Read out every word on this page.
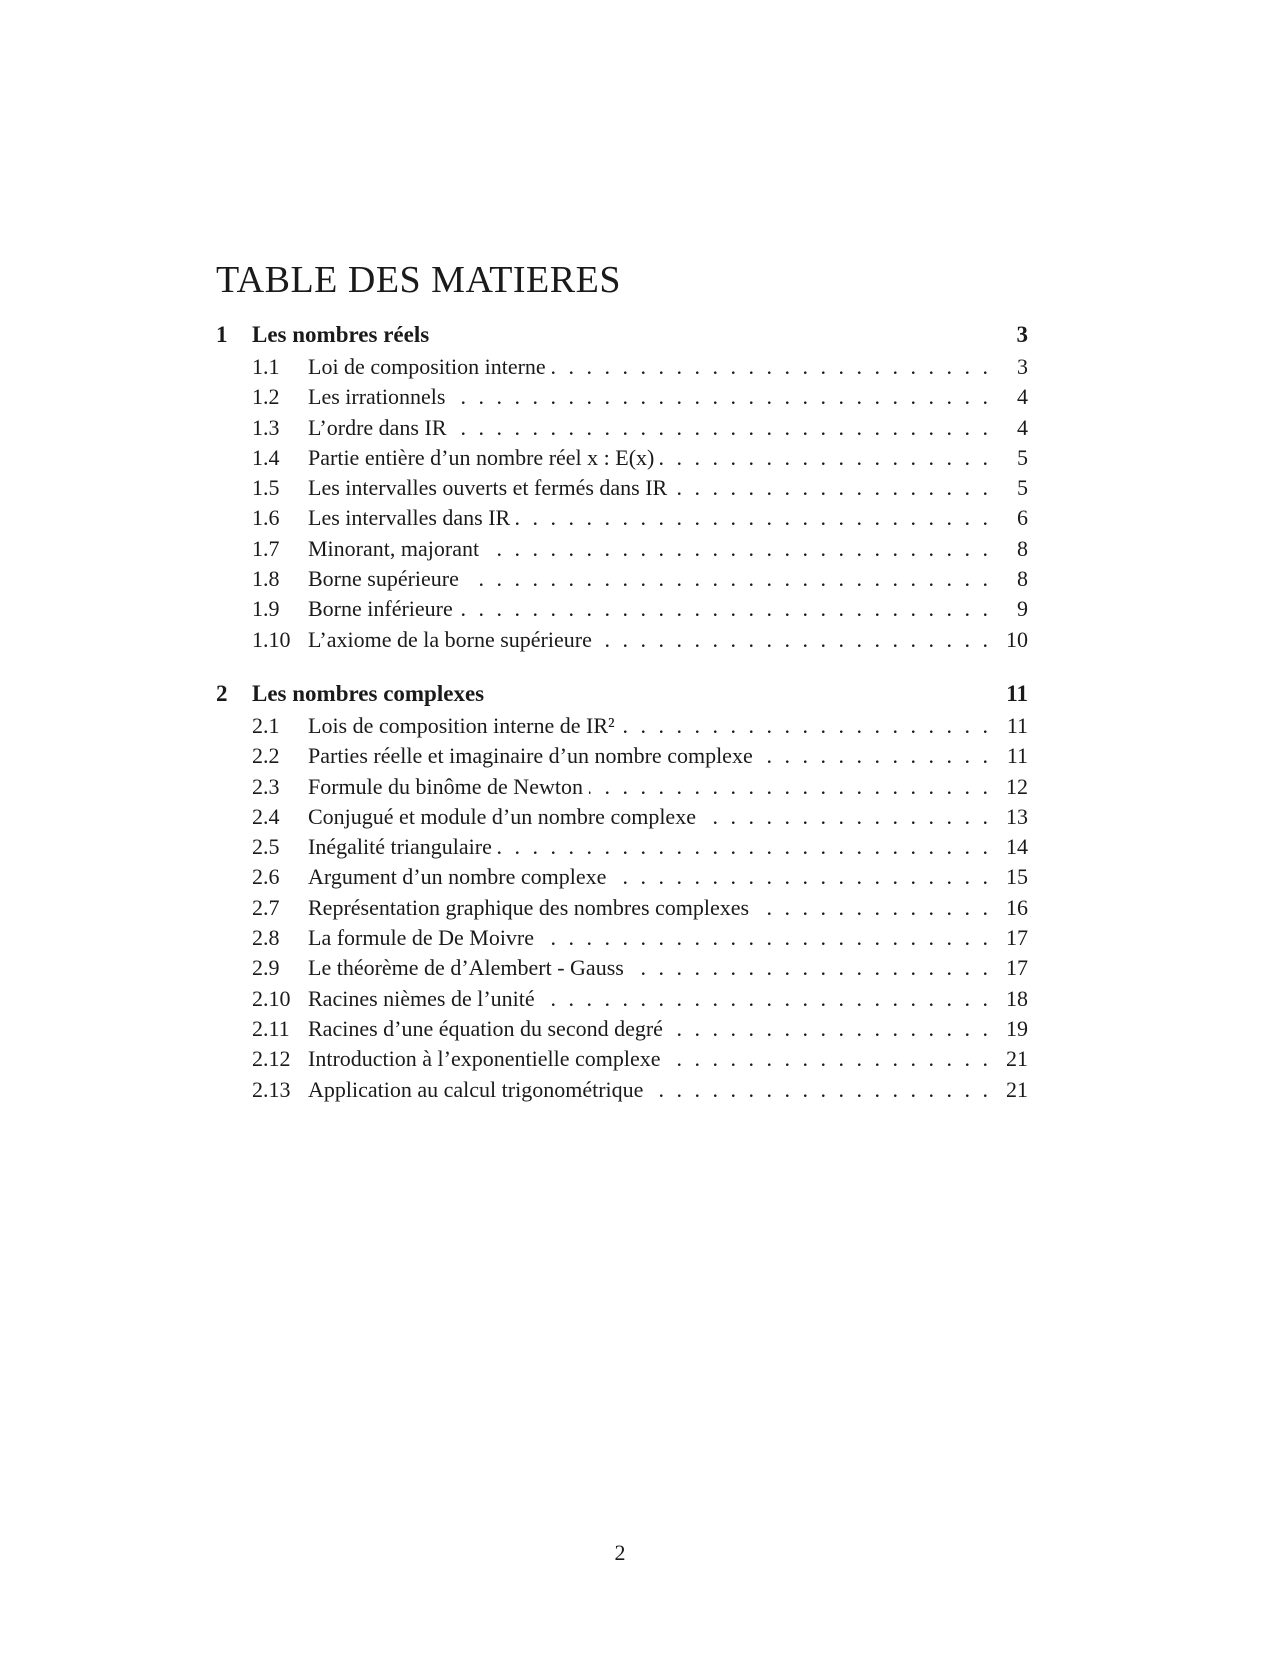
TABLE DES MATIERES
1	Les nombres réels	3
1.1	Loi de composition interne . . .	3
1.2	Les irrationnels . . .	4
1.3	L’ordre dans IR . . .	4
1.4	Partie entière d’un nombre réel x : E(x) . . .	5
1.5	Les intervalles ouverts et fermés dans IR . . .	5
1.6	Les intervalles dans IR . . .	6
1.7	Minorant, majorant . . .	8
1.8	Borne supérieure . . .	8
1.9	Borne inférieure . . .	9
1.10 L’axiome de la borne supérieure . . .	10
2	Les nombres complexes	11
2.1	Lois de composition interne de IR² . . .	11
2.2	Parties réelle et imaginaire d’un nombre complexe . . .	11
2.3	Formule du binôme de Newton . . .	12
2.4	Conjugué et module d’un nombre complexe . . .	13
2.5	Inégalité triangulaire . . .	14
2.6	Argument d’un nombre complexe . . .	15
2.7	Représentation graphique des nombres complexes . . .	16
2.8	La formule de De Moivre . . .	17
2.9	Le théorème de d’Alembert - Gauss . . .	17
2.10 Racines nièmes de l’unité . . .	18
2.11 Racines d’une équation du second degré . . .	19
2.12 Introduction à l’exponentielle complexe . . .	21
2.13 Application au calcul trigonométrique . . .	21
2
